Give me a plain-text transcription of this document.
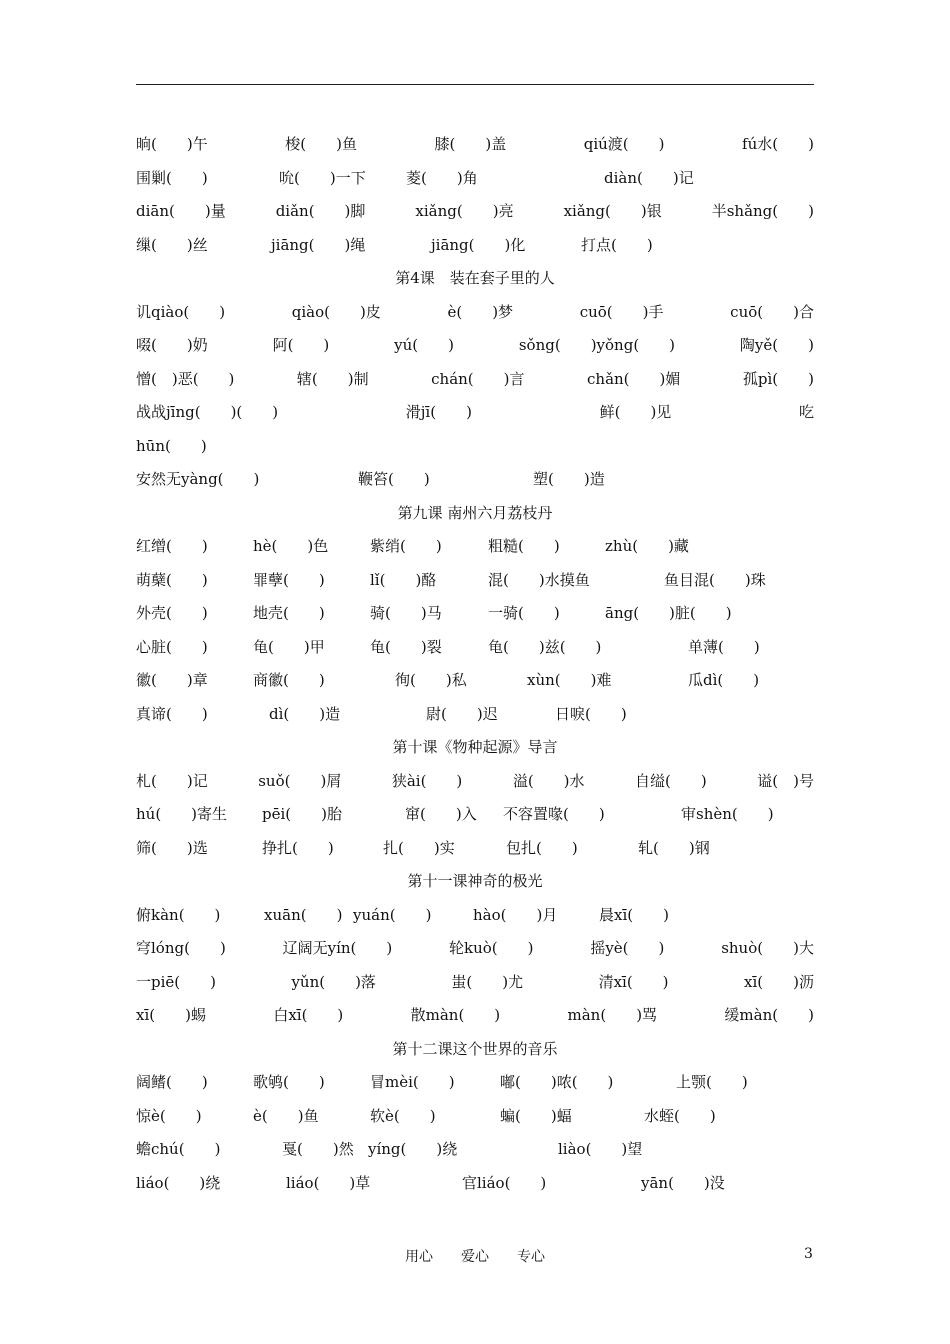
晌(　　)午	梭(　　)鱼	膝(　　)盖	qiú渡(　　)	fú水(　　)
围剿(　　)	吮(　　)一下	菱(　　)角	diàn(　　)记
diān(　　)量	diǎn(　　)脚	xiǎng(　　)亮	xiǎng(　　)银	半shǎng(　　)
缫(　　)丝	jiāng(　　)绳	jiāng(　　)化	打点(　　)
第4课　装在套子里的人
讥qiào(　　)	qiào(　　)皮	è(　　)梦	cuō(　　)手	cuō(　　)合
啜(　　)奶	阿(　　)	yú(　　)	sǒng(　　)yǒng(　　)	陶yě(　　)
憎(　)恶(　　)	辖(　　)制	chán(　　)言	chǎn(　　)媚	孤pì(　　)
战战jīng(　　)(　　)	滑jī(　　)	鲜(　　)见	吃
hūn(　　)
安然无yàng(　　)	鞭笞(　　)	塑(　　)造
第九课 南州六月荔枝丹
红缯(　　)	hè(　　)色	紫绡(　　)	粗糙(　　)	zhù(　　)藏
萌蘖(　　)	罪孽(　　)	lǐ(　　)酪	混(　　)水摸鱼	鱼目混(　　)珠
外壳(　　)	地壳(　　)	骑(　　)马	一骑(　　)	āng(　　)脏(　　)
心脏(　　)	龟(　　)甲	龟(　　)裂	龟(　　)兹(　　)	单薄(　　)
徽(　　)章	商徽(　　)	徇(　　)私	xùn(　　)难	瓜dì(　　)
真谛(　　)	dì(　　)造	尉(　　)迟	日唳(　　)
第十课《物种起源》导言
札(　　)记	suǒ(　　)屑	狭ài(　　)	溢(　　)水	自缢(　　)	谥(　)号
hú(　　)寄生 pēi(　　)胎	窜(　　)入 不容置喙(　　)	审shèn(　　)
筛(　　)选	挣扎(　　)	扎(　　)实	包扎(　　)	轧(　　)钢
第十一课神奇的极光
俯kàn(　　)	xuān(　　) yuán(　　)	hào(　　)月	晨xī(　　)
穹lóng(　　)	辽阔无yín(　　)	轮kuò(　　)	摇yè(　　)	shuò(　　)大
一piē(　　)	yǔn(　　)落	蚩(　　)尤	清xī(　　)	xī(　　)沥
xī(　　)蜴	白xī(　　)	散màn(　　)	màn(　　)骂	缓màn(　　)
第十二课这个世界的音乐
阔鳍(　　)	歌鸲(　　)	冒mèi(　　)	嘟(　　)哝(　　)	上颚(　　)
惊è(　　)	è(　　)鱼	软è(　　)	蝙(　　)蝠	水蛭(　　)
蟾chú(　　)	戛(　　)然 yíng(　　)绕	liào(　　)望
liáo(　　)绕	liáo(　　)草	官liáo(　　)	yān(　　)没
用心　　爱心　　专心	3
